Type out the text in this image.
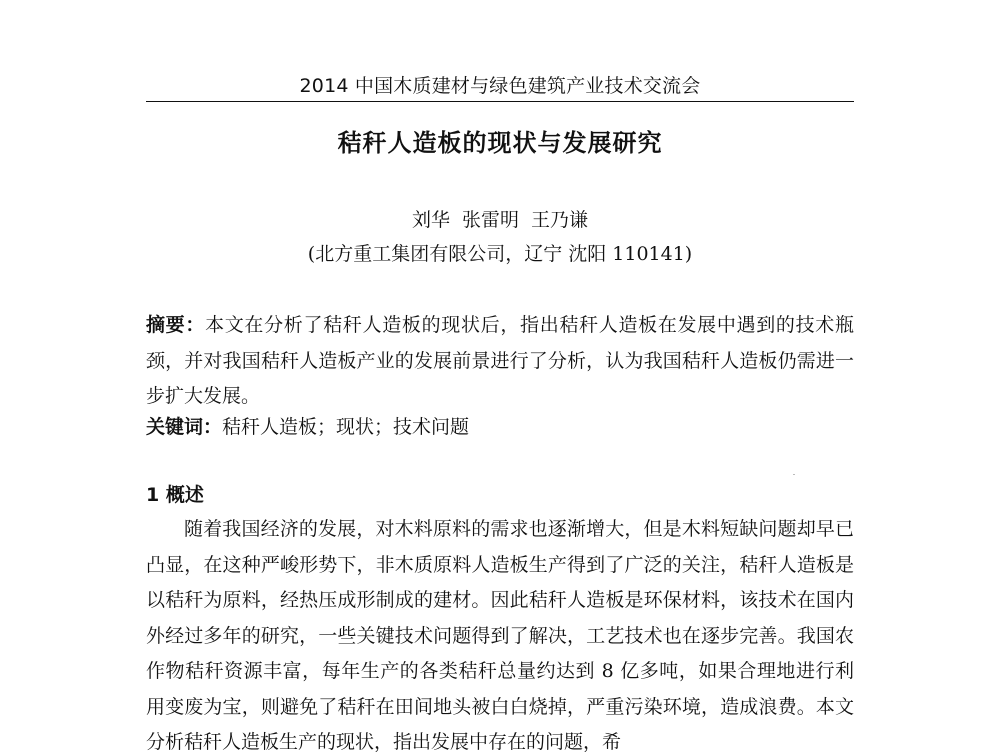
2014 中国木质建材与绿色建筑产业技术交流会
秸秆人造板的现状与发展研究
刘华 张雷明 王乃谦
(北方重工集团有限公司，辽宁 沈阳 110141)

摘要：本文在分析了秸秆人造板的现状后，指出秸秆人造板在发展中遇到的技术瓶颈，并对我国秸秆人造板产业的发展前景进行了分析，认为我国秸秆人造板仍需进一步扩大发展。

关键词：秸秆人造板；现状；技术问题

1 概述

随着我国经济的发展，对木料原料的需求也逐渐增大，但是木料短缺问题却早已凸显，在这种严峻形势下，非木质原料人造板生产得到了广泛的关注，秸秆人造板是以秸秆为原料，经热压成形制成的建材。因此秸秆人造板是环保材料，该技术在国内外经过多年的研究，一些关键技术问题得到了解决，工艺技术也在逐步完善。我国农作物秸秆资源丰富，每年生产的各类秸秆总量约达到 8 亿多吨，如果合理地进行利用变废为宝，则避免了秸秆在田间地头被白白烧掉，严重污染环境，造成浪费。本文分析秸秆人造板生产的现状，指出发展中存在的问题，希
